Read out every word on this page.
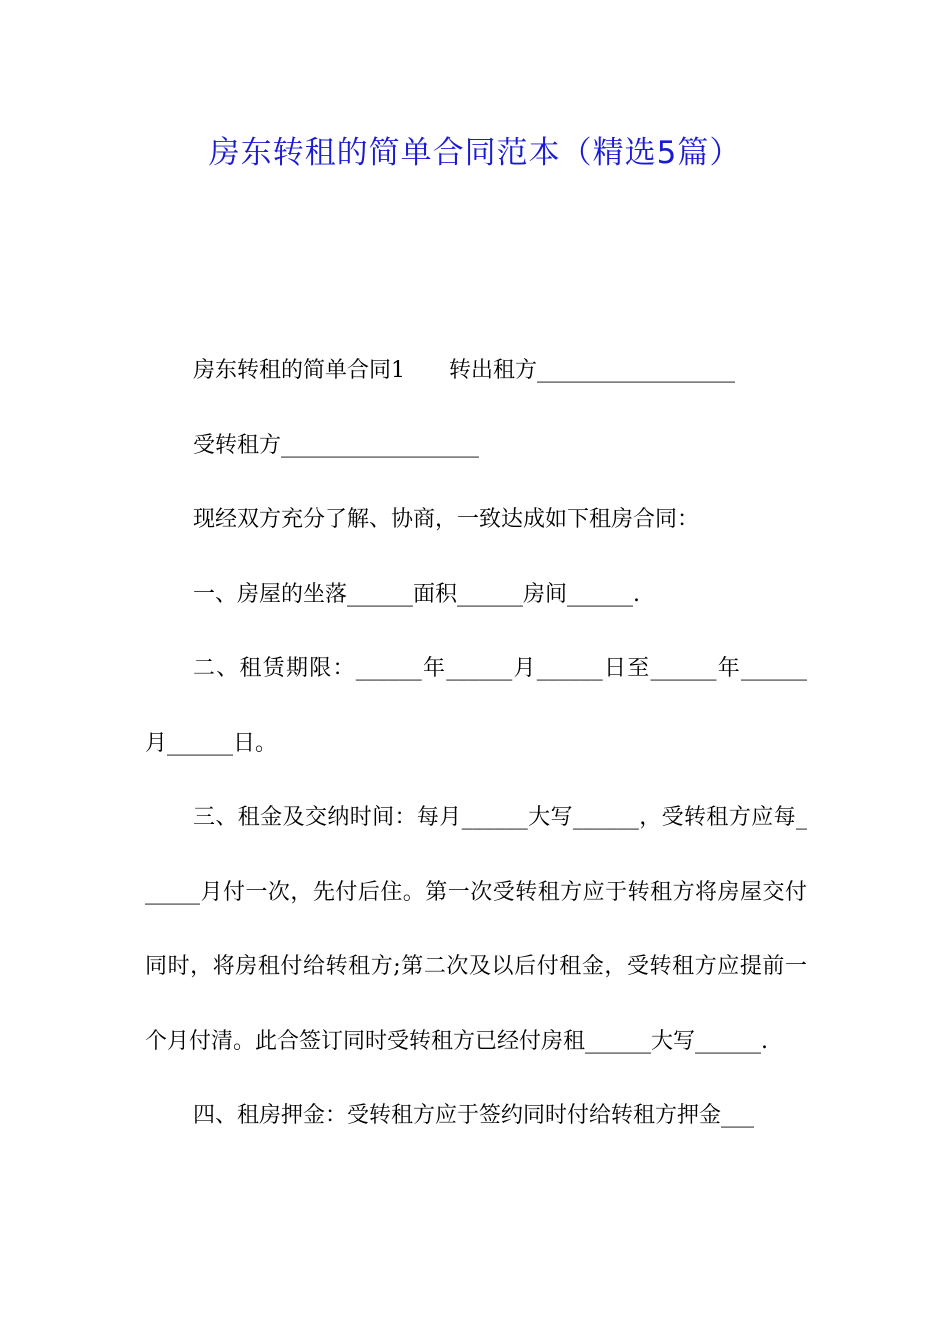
房东转租的简单合同范本（精选5篇）

房东转租的简单合同1　　转出租方__________________

受转租方__________________

现经双方充分了解、协商，一致达成如下租房合同：

一、房屋的坐落______面积______房间______.

二、租赁期限：______年______月______日至______年______月______日。

三、租金及交纳时间：每月______大写______，受转租方应每______月付一次，先付后住。第一次受转租方应于转租方将房屋交付同时，将房租付给转租方;第二次及以后付租金，受转租方应提前一个月付清。此合签订同时受转租方已经付房租______大写______.

四、租房押金：受转租方应于签约同时付给转租方押金___
